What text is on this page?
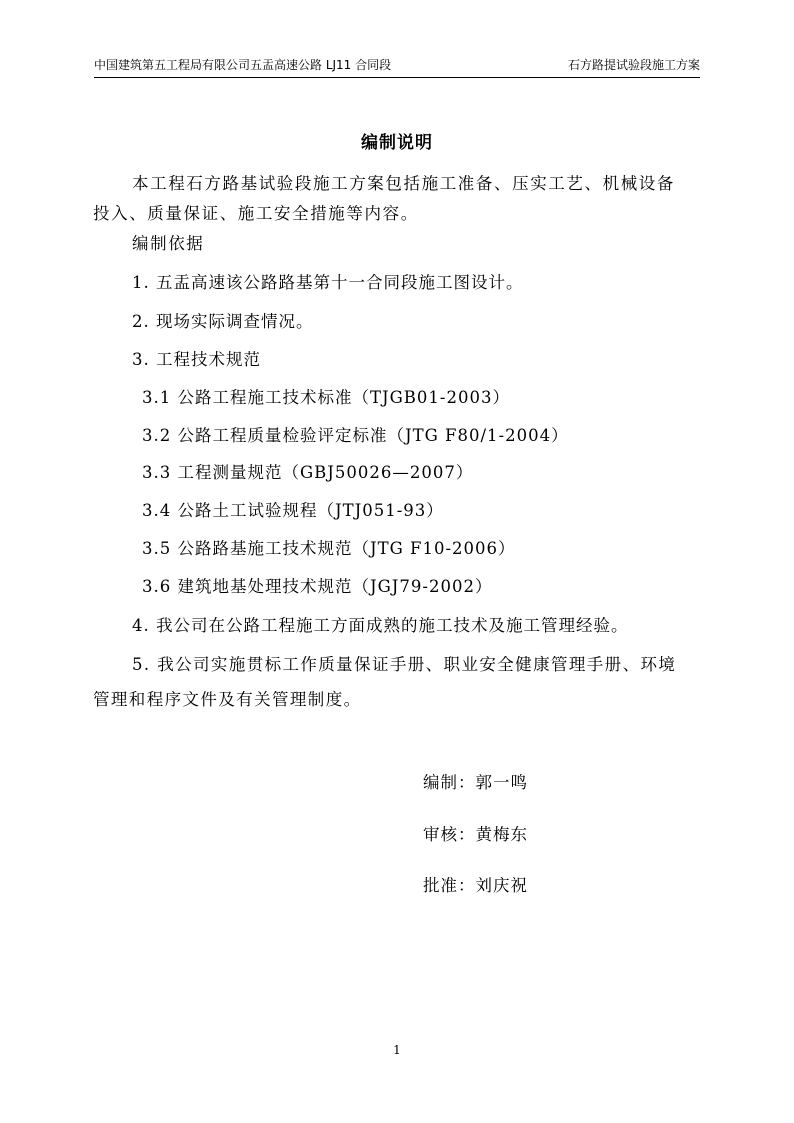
中国建筑第五工程局有限公司五盂高速公路 LJ11 合同段	石方路提试验段施工方案
编制说明
本工程石方路基试验段施工方案包括施工准备、压实工艺、机械设备
投入、质量保证、施工安全措施等内容。
编制依据
1. 五盂高速该公路路基第十一合同段施工图设计。
2. 现场实际调查情况。
3. 工程技术规范
3.1 公路工程施工技术标准（TJGB01-2003）
3.2 公路工程质量检验评定标准（JTG F80/1-2004）
3.3 工程测量规范（GBJ50026—2007）
3.4 公路土工试验规程（JTJ051-93）
3.5 公路路基施工技术规范（JTG F10-2006）
3.6 建筑地基处理技术规范（JGJ79-2002）
4. 我公司在公路工程施工方面成熟的施工技术及施工管理经验。
5. 我公司实施贯标工作质量保证手册、职业安全健康管理手册、环境
管理和程序文件及有关管理制度。
编制：郭一鸣
审核：黄梅东
批准：刘庆祝
1
